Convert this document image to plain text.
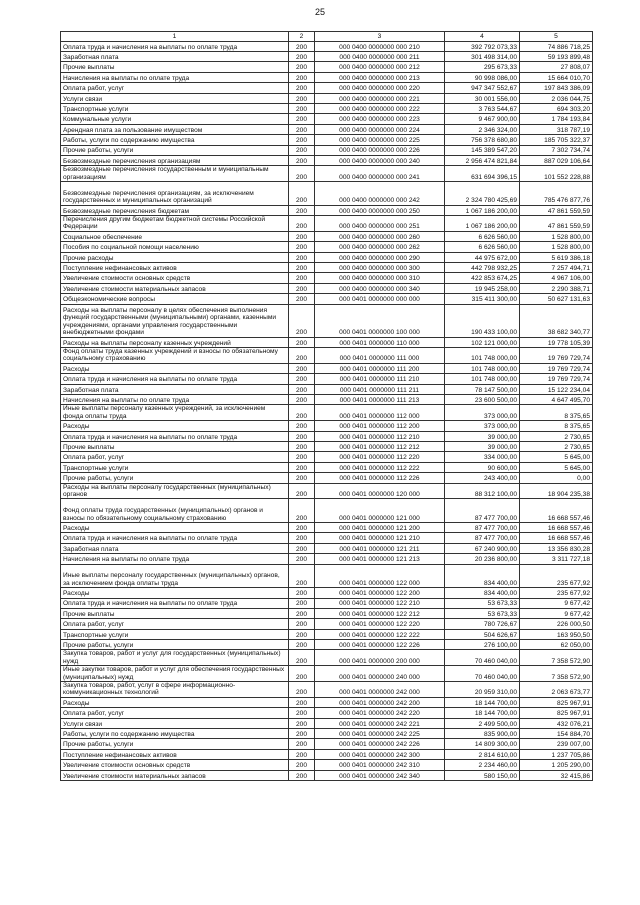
25
1	2	3	4	5
Оплата труда и начисления на выплаты по оплате труда	200	000 0400 0000000 000 210	392 792 073,33	74 886 718,25
Заработная плата	200	000 0400 0000000 000 211	301 498 314,00	59 193 899,48
Прочие выплаты	200	000 0400 0000000 000 212	295 673,33	27 808,07
Начисления на выплаты по оплате труда	200	000 0400 0000000 000 213	90 998 086,00	15 664 010,70
Оплата работ, услуг	200	000 0400 0000000 000 220	947 347 552,67	197 843 386,09
Услуги связи	200	000 0400 0000000 000 221	30 001 556,00	2 036 044,75
Транспортные услуги	200	000 0400 0000000 000 222	3 763 544,67	694 303,20
Коммунальные услуги	200	000 0400 0000000 000 223	9 467 900,00	1 784 193,84
Арендная плата за пользование имуществом	200	000 0400 0000000 000 224	2 346 324,00	318 787,19
Работы, услуги по содержанию имущества	200	000 0400 0000000 000 225	756 378 680,80	185 705 322,37
Прочие работы, услуги	200	000 0400 0000000 000 226	145 389 547,20	7 302 734,74
Безвозмездные перечисления организациям	200	000 0400 0000000 000 240	2 956 474 821,84	887 029 106,64
Безвозмездные перечисления государственным и муниципальным организациям	200	000 0400 0000000 000 241	631 694 396,15	101 552 228,88
Безвозмездные перечисления организациям, за исключением государственных и муниципальных организаций	200	000 0400 0000000 000 242	2 324 780 425,69	785 476 877,76
Безвозмездные перечисления бюджетам	200	000 0400 0000000 000 250	1 067 186 200,00	47 861 559,59
Перечисления другим бюджетам бюджетной системы Российской Федерации	200	000 0400 0000000 000 251	1 067 186 200,00	47 861 559,59
Социальное обеспечение	200	000 0400 0000000 000 260	6 626 560,00	1 528 800,00
Пособия по социальной помощи населению	200	000 0400 0000000 000 262	6 626 560,00	1 528 800,00
Прочие расходы	200	000 0400 0000000 000 290	44 975 672,00	5 619 386,18
Поступление нефинансовых активов	200	000 0400 0000000 000 300	442 798 932,25	7 257 494,71
Увеличение стоимости основных средств	200	000 0400 0000000 000 310	422 853 674,25	4 967 106,00
Увеличение стоимости материальных запасов	200	000 0400 0000000 000 340	19 945 258,00	2 290 388,71
Общеэкономические вопросы	200	000 0401 0000000 000 000	315 411 300,00	50 627 131,63
Расходы на выплаты персоналу в целях обеспечения выполнения функций государственными (муниципальными) органами, казенными учреждениями, органами управления государственными внебюджетными фондами	200	000 0401 0000000 100 000	190 433 100,00	38 682 340,77
Расходы на выплаты персоналу казенных учреждений	200	000 0401 0000000 110 000	102 121 000,00	19 778 105,39
Фонд оплаты труда казенных учреждений и взносы по обязательному социальному страхованию	200	000 0401 0000000 111 000	101 748 000,00	19 769 729,74
Расходы	200	000 0401 0000000 111 200	101 748 000,00	19 769 729,74
Оплата труда и начисления на выплаты по оплате труда	200	000 0401 0000000 111 210	101 748 000,00	19 769 729,74
Заработная плата	200	000 0401 0000000 111 211	78 147 500,00	15 122 234,04
Начисления на выплаты по оплате труда	200	000 0401 0000000 111 213	23 600 500,00	4 647 495,70
Иные выплаты персоналу казенных учреждений, за исключением фонда оплаты труда	200	000 0401 0000000 112 000	373 000,00	8 375,65
Расходы	200	000 0401 0000000 112 200	373 000,00	8 375,65
Оплата труда и начисления на выплаты по оплате труда	200	000 0401 0000000 112 210	39 000,00	2 730,65
Прочие выплаты	200	000 0401 0000000 112 212	39 000,00	2 730,65
Оплата работ, услуг	200	000 0401 0000000 112 220	334 000,00	5 645,00
Транспортные услуги	200	000 0401 0000000 112 222	90 600,00	5 645,00
Прочие работы, услуги	200	000 0401 0000000 112 226	243 400,00	0,00
Расходы на выплаты персоналу государственных (муниципальных) органов	200	000 0401 0000000 120 000	88 312 100,00	18 904 235,38
Фонд оплаты труда государственных (муниципальных) органов и взносы по обязательному социальному страхованию	200	000 0401 0000000 121 000	87 477 700,00	16 668 557,46
Расходы	200	000 0401 0000000 121 200	87 477 700,00	16 668 557,46
Оплата труда и начисления на выплаты по оплате труда	200	000 0401 0000000 121 210	87 477 700,00	16 668 557,46
Заработная плата	200	000 0401 0000000 121 211	67 240 900,00	13 356 830,28
Начисления на выплаты по оплате труда	200	000 0401 0000000 121 213	20 236 800,00	3 311 727,18
Иные выплаты персоналу государственных (муниципальных) органов, за исключением фонда оплаты труда	200	000 0401 0000000 122 000	834 400,00	235 677,92
Расходы	200	000 0401 0000000 122 200	834 400,00	235 677,92
Оплата труда и начисления на выплаты по оплате труда	200	000 0401 0000000 122 210	53 673,33	9 677,42
Прочие выплаты	200	000 0401 0000000 122 212	53 673,33	9 677,42
Оплата работ, услуг	200	000 0401 0000000 122 220	780 726,67	226 000,50
Транспортные услуги	200	000 0401 0000000 122 222	504 626,67	163 950,50
Прочие работы, услуги	200	000 0401 0000000 122 226	276 100,00	62 050,00
Закупка товаров, работ и услуг для государственных (муниципальных) нужд	200	000 0401 0000000 200 000	70 460 040,00	7 358 572,90
Иные закупки товаров, работ и услуг для обеспечения государственных (муниципальных) нужд	200	000 0401 0000000 240 000	70 460 040,00	7 358 572,90
Закупка товаров, работ, услуг в сфере информационно-коммуникационных технологий	200	000 0401 0000000 242 000	20 959 310,00	2 063 673,77
Расходы	200	000 0401 0000000 242 200	18 144 700,00	825 967,91
Оплата работ, услуг	200	000 0401 0000000 242 220	18 144 700,00	825 967,91
Услуги связи	200	000 0401 0000000 242 221	2 499 500,00	432 076,21
Работы, услуги по содержанию имущества	200	000 0401 0000000 242 225	835 900,00	154 884,70
Прочие работы, услуги	200	000 0401 0000000 242 226	14 809 300,00	239 007,00
Поступление нефинансовых активов	200	000 0401 0000000 242 300	2 814 610,00	1 237 705,86
Увеличение стоимости основных средств	200	000 0401 0000000 242 310	2 234 460,00	1 205 290,00
Увеличение стоимости материальных запасов	200	000 0401 0000000 242 340	580 150,00	32 415,86
